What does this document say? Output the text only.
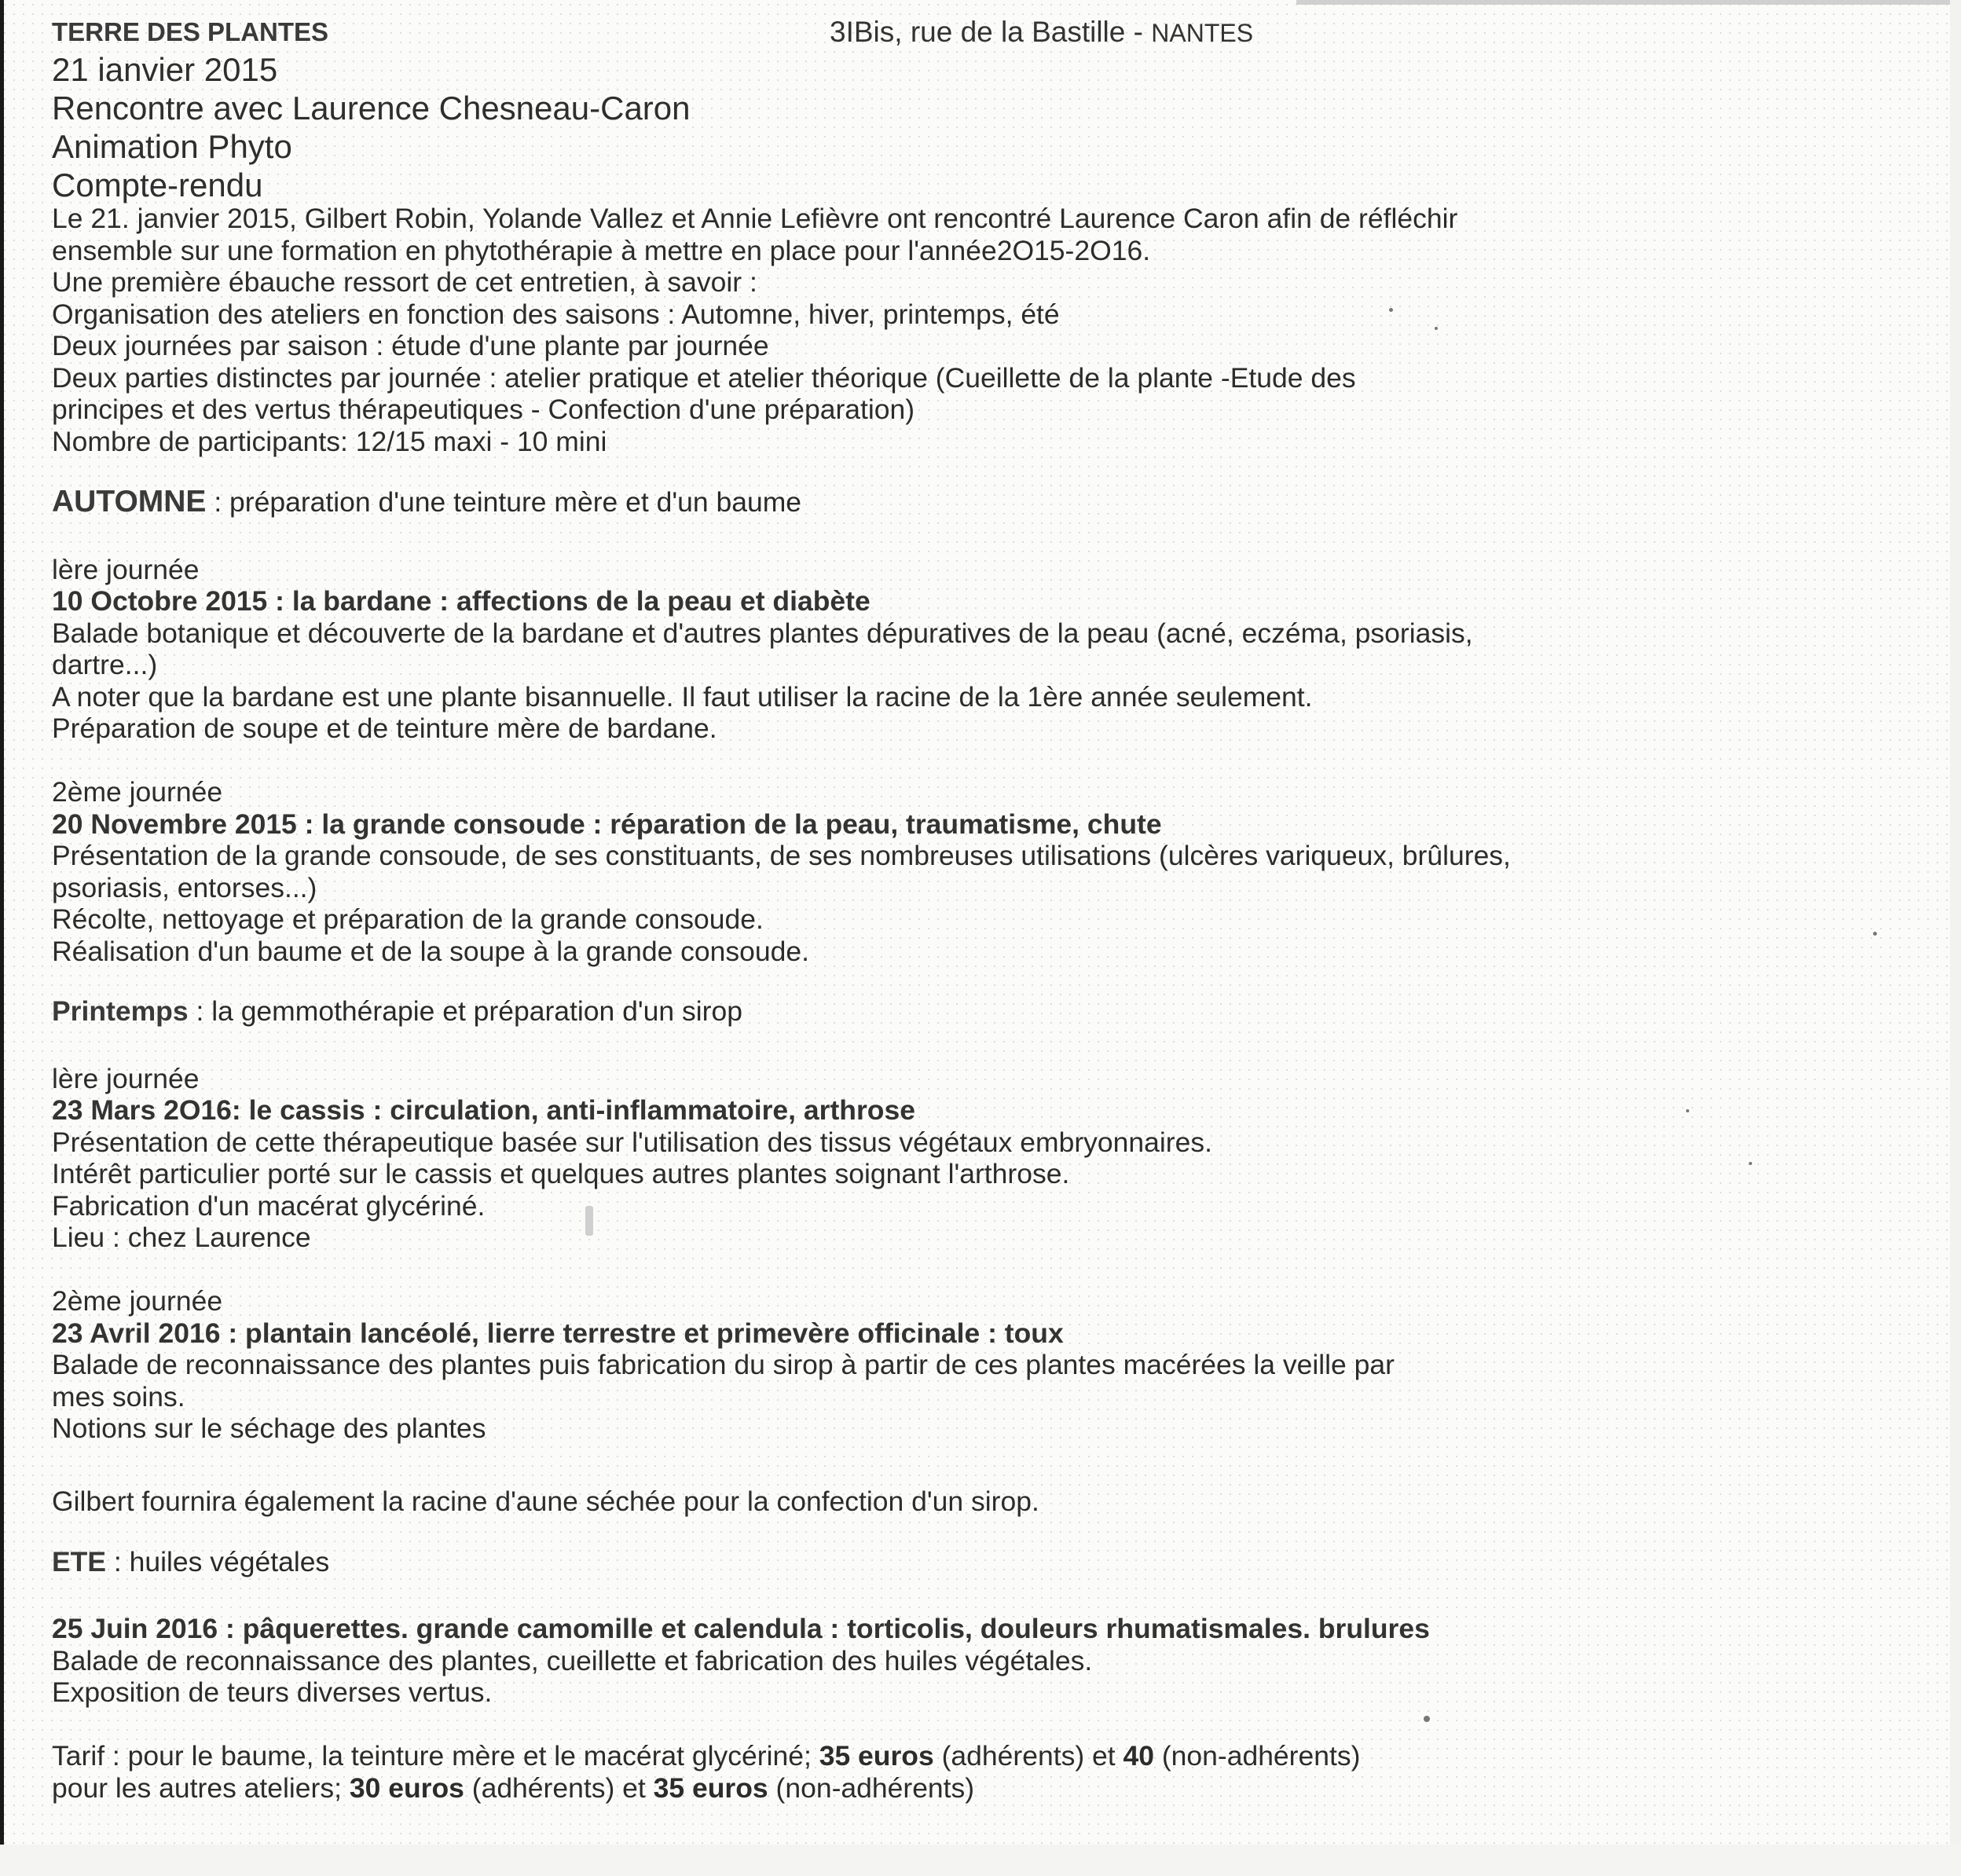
TERRE DES PLANTES	3IBis, rue de la Bastille - NANTES
21 ianvier 2015
Rencontre avec Laurence Chesneau-Caron
Animation Phyto
Compte-rendu
Le 21. janvier 2015, Gilbert Robin, Yolande Vallez et Annie Lefièvre ont rencontré Laurence Caron afin de réfléchir
ensemble sur une formation en phytothérapie à mettre en place pour l'année2O15-2O16.
Une première ébauche ressort de cet entretien, à savoir :
Organisation des ateliers en fonction des saisons : Automne, hiver, printemps, été
Deux journées par saison : étude d'une plante par journée
Deux parties distinctes par journée : atelier pratique et atelier théorique (Cueillette de la plante -Etude des
principes et des vertus thérapeutiques - Confection d'une préparation)
Nombre de participants: 12/15 maxi - 10 mini
AUTOMNE : préparation d'une teinture mère et d'un baume
lère journée
10 Octobre 2015 : la bardane : affections de la peau et diabète
Balade botanique et découverte de la bardane et d'autres plantes dépuratives de la peau (acné, eczéma, psoriasis,
dartre...)
A noter que la bardane est une plante bisannuelle. Il faut utiliser la racine de la 1ère année seulement.
Préparation de soupe et de teinture mère de bardane.
2ème journée
20 Novembre 2015 : la grande consoude : réparation de la peau, traumatisme, chute
Présentation de la grande consoude, de ses constituants, de ses nombreuses utilisations (ulcères variqueux, brûlures,
psoriasis, entorses...)
Récolte, nettoyage et préparation de la grande consoude.
Réalisation d'un baume et de la soupe à la grande consoude.
Printemps : la gemmothérapie et préparation d'un sirop
lère journée
23 Mars 2O16: le cassis : circulation, anti-inflammatoire, arthrose
Présentation de cette thérapeutique basée sur l'utilisation des tissus végétaux embryonnaires.
Intérêt particulier porté sur le cassis et quelques autres plantes soignant l'arthrose.
Fabrication d'un macérat glycériné.
Lieu : chez Laurence
2ème journée
23 Avril 2016 : plantain lancéolé, lierre terrestre et primevère officinale : toux
Balade de reconnaissance des plantes puis fabrication du sirop à partir de ces plantes macérées la veille par
mes soins.
Notions sur le séchage des plantes
Gilbert fournira également la racine d'aune séchée pour la confection d'un sirop.
ETE : huiles végétales
25 Juin 2016 : pâquerettes. grande camomille et calendula : torticolis, douleurs rhumatismales. brulures
Balade de reconnaissance des plantes, cueillette et fabrication des huiles végétales.
Exposition de teurs diverses vertus.
Tarif : pour le baume, la teinture mère et le macérat glycériné; 35 euros (adhérents) et 40 (non-adhérents)
pour les autres ateliers; 30 euros (adhérents) et 35 euros (non-adhérents)
